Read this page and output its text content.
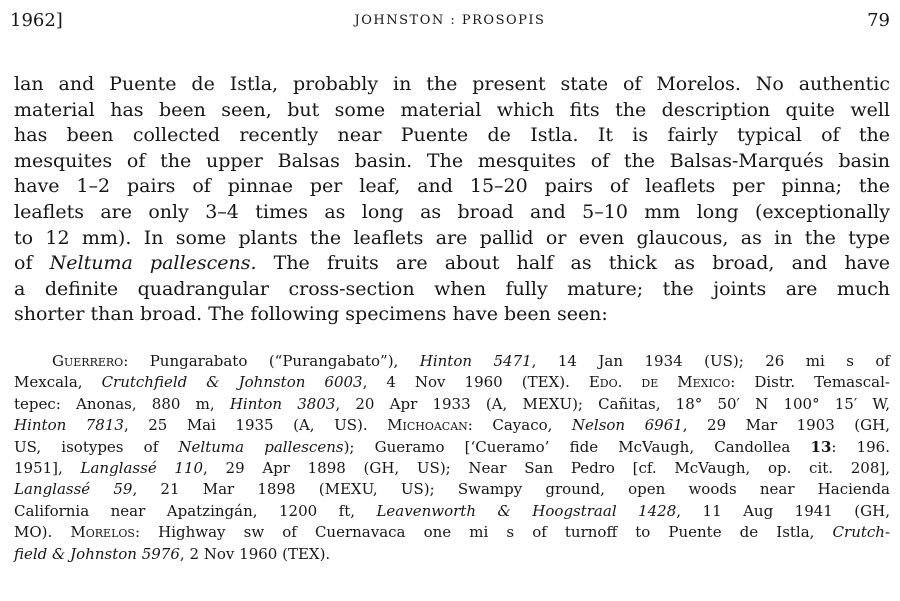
1962]	JOHNSTON : PROSOPIS	79
lan and Puente de Istla, probably in the present state of Morelos. No authentic
material has been seen, but some material which fits the description quite well
has been collected recently near Puente de Istla. It is fairly typical of the
mesquites of the upper Balsas basin. The mesquites of the Balsas-Marqués basin
have 1–2 pairs of pinnae per leaf, and 15–20 pairs of leaflets per pinna; the
leaflets are only 3–4 times as long as broad and 5–10 mm long (exceptionally
to 12 mm). In some plants the leaflets are pallid or even glaucous, as in the type
of Neltuma pallescens. The fruits are about half as thick as broad, and have
a definite quadrangular cross-section when fully mature; the joints are much
shorter than broad. The following specimens have been seen:
Guerrero: Pungarabato (“Purangabato”), Hinton 5471, 14 Jan 1934 (US); 26 mi s of
Mexcala, Crutchfield & Johnston 6003, 4 Nov 1960 (TEX). Edo. de Mexico: Distr. Temascal-
tepec: Anonas, 880 m, Hinton 3803, 20 Apr 1933 (A, MEXU); Cañitas, 18° 50′ N 100° 15′ W,
Hinton 7813, 25 Mai 1935 (A, US). Michoacan: Cayaco, Nelson 6961, 29 Mar 1903 (GH,
US, isotypes of Neltuma pallescens); Gueramo [‘Cueramo’ fide McVaugh, Candollea 13: 196.
1951], Langlassé 110, 29 Apr 1898 (GH, US); Near San Pedro [cf. McVaugh, op. cit. 208],
Langlassé 59, 21 Mar 1898 (MEXU, US); Swampy ground, open woods near Hacienda
California near Apatzingán, 1200 ft, Leavenworth & Hoogstraal 1428, 11 Aug 1941 (GH,
MO). Morelos: Highway sw of Cuernavaca one mi s of turnoff to Puente de Istla, Crutch-
field & Johnston 5976, 2 Nov 1960 (TEX).
